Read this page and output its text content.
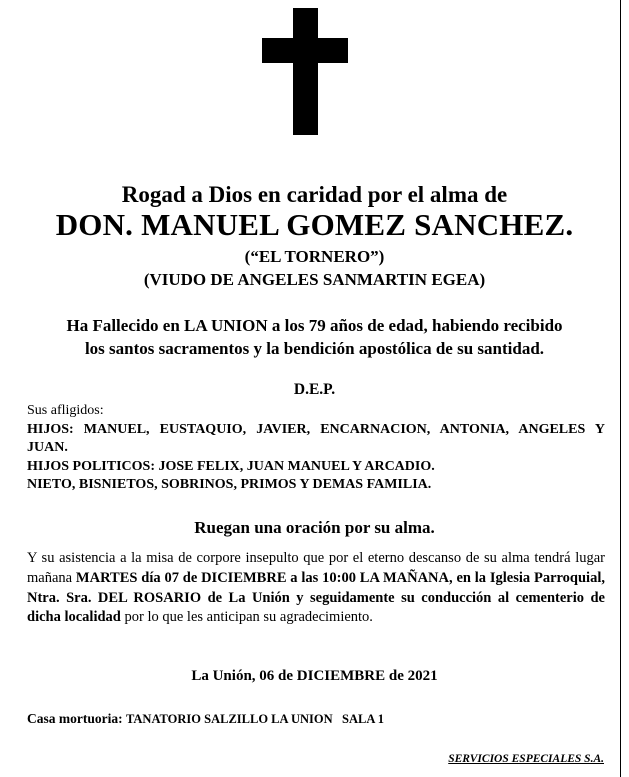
Rogad a Dios en caridad por el alma de
DON. MANUEL GOMEZ SANCHEZ.
(“EL TORNERO”)
(VIUDO DE ANGELES SANMARTIN EGEA)
Ha Fallecido en LA UNION a los 79 años de edad, habiendo recibido
los santos sacramentos y la bendición apostólica de su santidad.
D.E.P.
Sus afligidos:
HIJOS: MANUEL, EUSTAQUIO, JAVIER, ENCARNACION, ANTONIA, ANGELES Y JUAN.
HIJOS POLITICOS: JOSE FELIX, JUAN MANUEL Y ARCADIO.
NIETO, BISNIETOS, SOBRINOS, PRIMOS Y DEMAS FAMILIA.
Ruegan una oración por su alma.
Y su asistencia a la misa de corpore insepulto que por el eterno descanso de su alma tendrá lugar mañana MARTES día 07 de DICIEMBRE a las 10:00 LA MAÑANA, en la Iglesia Parroquial, Ntra. Sra. DEL ROSARIO de La Unión y seguidamente su conducción al cementerio de dicha localidad por lo que les anticipan su agradecimiento.
La Unión, 06 de DICIEMBRE de 2021
Casa mortuoria: TANATORIO SALZILLO LA UNION   SALA 1
SERVICIOS ESPECIALES S.A.
